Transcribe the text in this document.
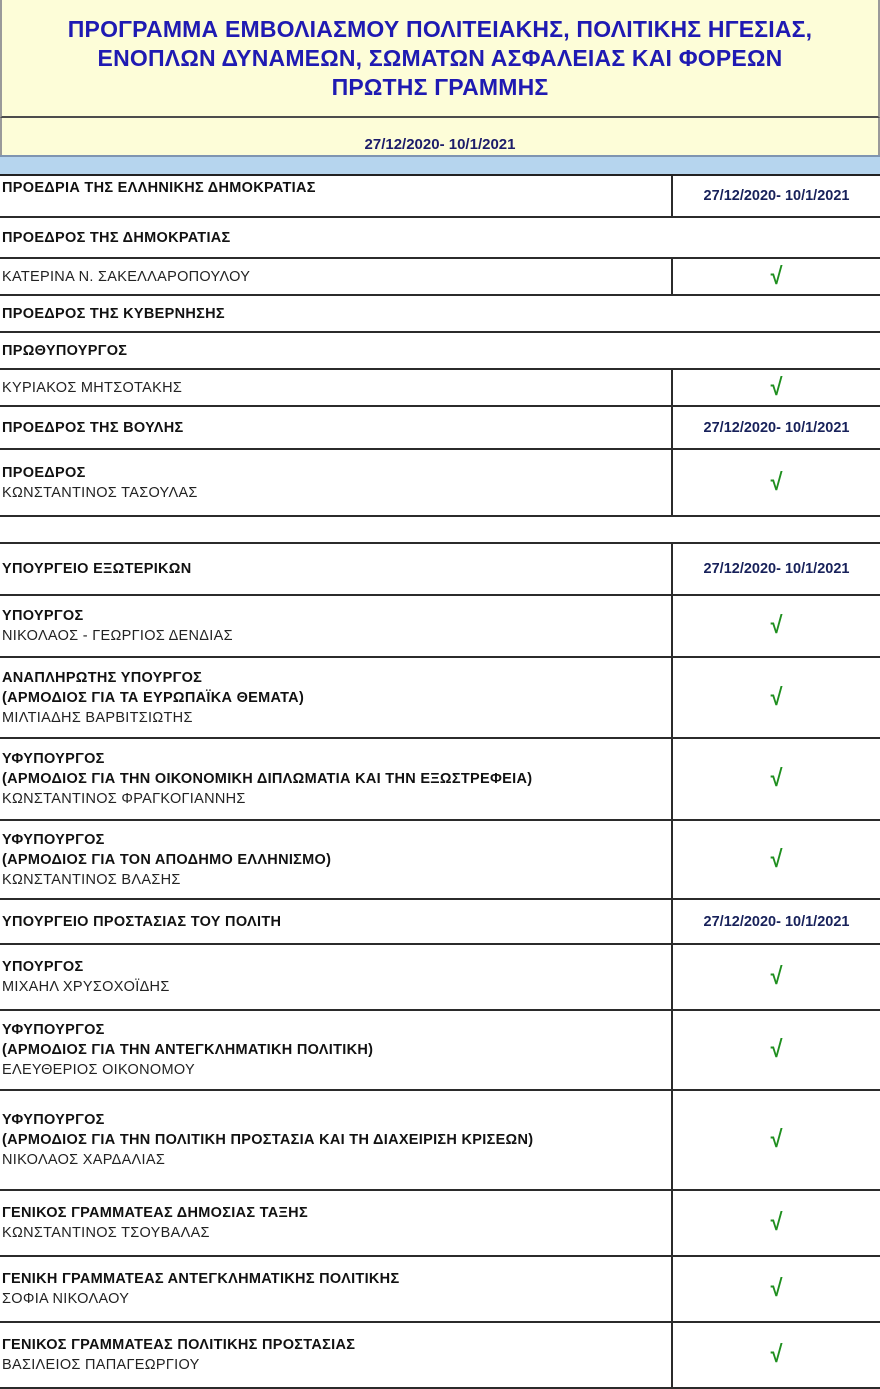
ΠΡΟΓΡΑΜΜΑ ΕΜΒΟΛΙΑΣΜΟΥ ΠΟΛΙΤΕΙΑΚΗΣ, ΠΟΛΙΤΙΚΗΣ ΗΓΕΣΙΑΣ,
ΕΝΟΠΛΩΝ ΔΥΝΑΜΕΩΝ, ΣΩΜΑΤΩΝ ΑΣΦΑΛΕΙΑΣ ΚΑΙ ΦΟΡΕΩΝ
ΠΡΩΤΗΣ ΓΡΑΜΜΗΣ
27/12/2020- 10/1/2021
ΠΡΟΕΔΡΙΑ ΤΗΣ ΕΛΛΗΝΙΚΗΣ ΔΗΜΟΚΡΑΤΙΑΣ	27/12/2020- 10/1/2021

ΠΡΟΕΔΡΟΣ ΤΗΣ ΔΗΜΟΚΡΑΤΙΑΣ	

ΚΑΤΕΡΙΝΑ Ν. ΣΑΚΕΛΛΑΡΟΠΟΥΛΟΥ	√

ΠΡΟΕΔΡΟΣ ΤΗΣ ΚΥΒΕΡΝΗΣΗΣ	

ΠΡΩΘΥΠΟΥΡΓΟΣ	

ΚΥΡΙΑΚΟΣ ΜΗΤΣΟΤΑΚΗΣ	√

ΠΡΟΕΔΡΟΣ ΤΗΣ ΒΟΥΛΗΣ	27/12/2020- 10/1/2021

ΠΡΟΕΔΡΟΣ
ΚΩΝΣΤΑΝΤΙΝΟΣ ΤΑΣΟΥΛΑΣ	√

ΥΠΟΥΡΓΕΙΟ ΕΞΩΤΕΡΙΚΩΝ	27/12/2020- 10/1/2021

ΥΠΟΥΡΓΟΣ
ΝΙΚΟΛΑΟΣ - ΓΕΩΡΓΙΟΣ ΔΕΝΔΙΑΣ	√

ΑΝΑΠΛΗΡΩΤΗΣ ΥΠΟΥΡΓΟΣ
(ΑΡΜΟΔΙΟΣ ΓΙΑ ΤΑ ΕΥΡΩΠΑΪΚΑ ΘΕΜΑΤΑ)
ΜΙΛΤΙΑΔΗΣ ΒΑΡΒΙΤΣΙΩΤΗΣ	√

ΥΦΥΠΟΥΡΓΟΣ
(ΑΡΜΟΔΙΟΣ ΓΙΑ ΤΗΝ ΟΙΚΟΝΟΜΙΚΗ ΔΙΠΛΩΜΑΤΙΑ ΚΑΙ ΤΗΝ ΕΞΩΣΤΡΕΦΕΙΑ)
ΚΩΝΣΤΑΝΤΙΝΟΣ ΦΡΑΓΚΟΓΙΑΝΝΗΣ	√

ΥΦΥΠΟΥΡΓΟΣ
(ΑΡΜΟΔΙΟΣ ΓΙΑ ΤΟΝ ΑΠΟΔΗΜΟ ΕΛΛΗΝΙΣΜΟ)
ΚΩΝΣΤΑΝΤΙΝΟΣ ΒΛΑΣΗΣ	√

ΥΠΟΥΡΓΕΙΟ ΠΡΟΣΤΑΣΙΑΣ ΤΟΥ ΠΟΛΙΤΗ	27/12/2020- 10/1/2021

ΥΠΟΥΡΓΟΣ
ΜΙΧΑΗΛ ΧΡΥΣΟΧΟΪΔΗΣ	√

ΥΦΥΠΟΥΡΓΟΣ
(ΑΡΜΟΔΙΟΣ ΓΙΑ ΤΗΝ ΑΝΤΕΓΚΛΗΜΑΤΙΚΗ ΠΟΛΙΤΙΚΗ)
ΕΛΕΥΘΕΡΙΟΣ ΟΙΚΟΝΟΜΟΥ	√

ΥΦΥΠΟΥΡΓΟΣ
(ΑΡΜΟΔΙΟΣ ΓΙΑ ΤΗΝ ΠΟΛΙΤΙΚΗ ΠΡΟΣΤΑΣΙΑ ΚΑΙ ΤΗ ΔΙΑΧΕΙΡΙΣΗ ΚΡΙΣΕΩΝ)
ΝΙΚΟΛΑΟΣ ΧΑΡΔΑΛΙΑΣ	√

ΓΕΝΙΚΟΣ ΓΡΑΜΜΑΤΕΑΣ ΔΗΜΟΣΙΑΣ ΤΑΞΗΣ
ΚΩΝΣΤΑΝΤΙΝΟΣ ΤΣΟΥΒΑΛΑΣ	√

ΓΕΝΙΚΗ ΓΡΑΜΜΑΤΕΑΣ ΑΝΤΕΓΚΛΗΜΑΤΙΚΗΣ ΠΟΛΙΤΙΚΗΣ
ΣΟΦΙΑ ΝΙΚΟΛΑΟΥ	√

ΓΕΝΙΚΟΣ ΓΡΑΜΜΑΤΕΑΣ ΠΟΛΙΤΙΚΗΣ ΠΡΟΣΤΑΣΙΑΣ
ΒΑΣΙΛΕΙΟΣ ΠΑΠΑΓΕΩΡΓΙΟΥ	√
